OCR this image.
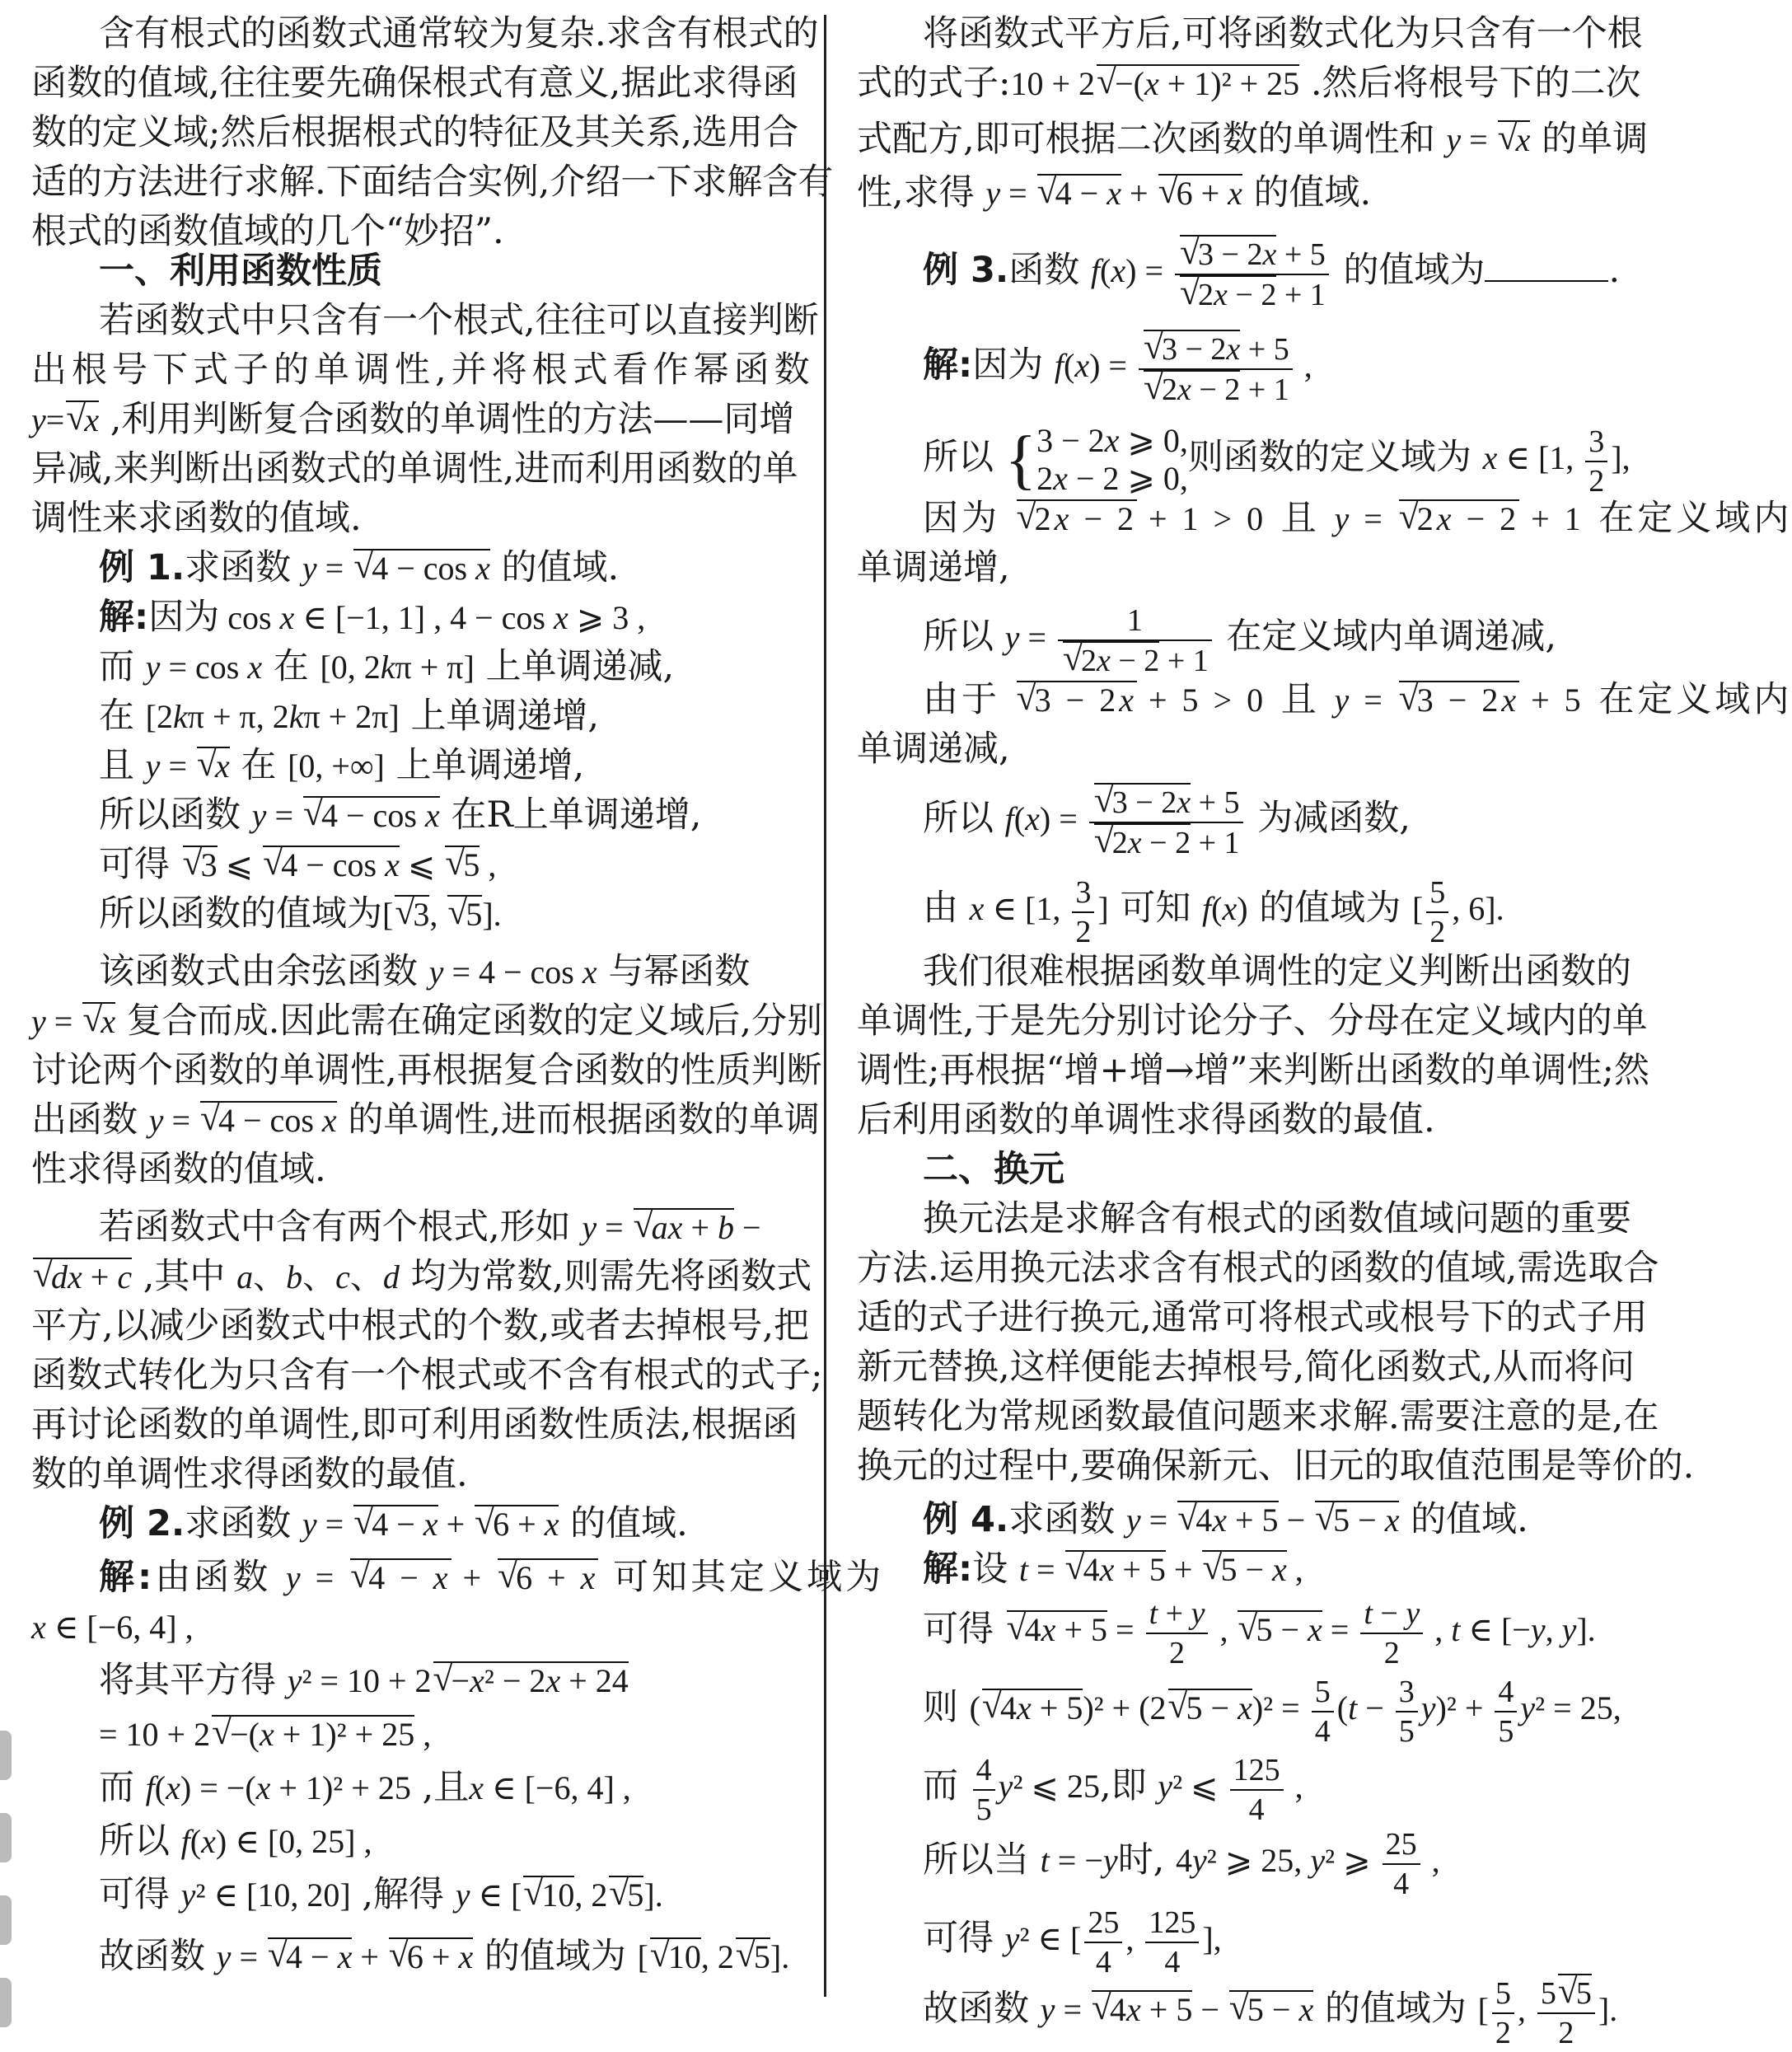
含有根式的函数式通常较为复杂.求含有根式的
函数的值域,往往要先确保根式有意义,据此求得函
数的定义域;然后根据根式的特征及其关系,选用合
适的方法进行求解.下面结合实例,介绍一下求解含有
根式的函数值域的几个“妙招”.
一、利用函数性质
若函数式中只含有一个根式,往往可以直接判断
出根号下式子的单调性,并将根式看作幂函数
y= √ x ,利用判断复合函数的单调性的方法——同增
异减,来判断出函数式的单调性,进而利用函数的单
调性来求函数的值域.
例 1.求函数 y = √ 4 − cos x 的值域.
解:因为 cos x ∈ [−1, 1] , 4 − cos x ⩾ 3 ,
而 y = cos x 在 [0, 2kπ + π] 上单调递减,
在 [2kπ + π, 2kπ + 2π] 上单调递增,
且 y = √ x 在 [0, +∞] 上单调递增,
所以函数 y = √ 4 − cos x 在R上单调递增,
可得 √ 3 ⩽ √ 4 − cos x ⩽ √ 5 ,
所以函数的值域为[ √ 3, √ 5].
该函数式由余弦函数 y = 4 − cos x 与幂函数
y = √ x 复合而成.因此需在确定函数的定义域后,分别
讨论两个函数的单调性,再根据复合函数的性质判断
出函数 y = √ 4 − cos x 的单调性,进而根据函数的单调
性求得函数的值域.
若函数式中含有两个根式,形如 y = √ ax + b −
√ dx + c ,其中 a、b、c、d 均为常数,则需先将函数式
平方,以减少函数式中根式的个数,或者去掉根号,把
函数式转化为只含有一个根式或不含有根式的式子;
再讨论函数的单调性,即可利用函数性质法,根据函
数的单调性求得函数的最值.
例 2.求函数 y = √ 4 − x + √ 6 + x 的值域.
解:由函数 y = √ 4 − x + √ 6 + x 可知其定义域为
x ∈ [−6, 4] ,
将其平方得 y² = 10 + 2 √ −x² − 2x + 24
= 10 + 2 √ −(x + 1)² + 25 ,
而 f(x) = −(x + 1)² + 25 ,且x ∈ [−6, 4] ,
所以 f(x) ∈ [0, 25] ,
可得 y² ∈ [10, 20] ,解得 y ∈ [ √ 10, 2 √ 5].
故函数 y = √ 4 − x + √ 6 + x 的值域为 [ √ 10, 2 √ 5].
将函数式平方后,可将函数式化为只含有一个根
式的式子:10 + 2 √ −(x + 1)² + 25 .然后将根号下的二次
式配方,即可根据二次函数的单调性和 y = √ x 的单调
性,求得 y = √ 4 − x + √ 6 + x 的值域.
例 3.函数 f(x) = √ 3 − 2x + 5
√ 2x − 2 + 1 的值域为	.
解:因为 f(x) = √ 3 − 2x + 5
√ 2x − 2 + 1 ,
所以 { 3 − 2x ⩾ 0,
2x − 2 ⩾ 0,
则函数的定义域为 x ∈ [1, $\frac{3}{2}$ ],
因为 √ 2x − 2 + 1 > 0 且 y = √ 2x − 2 + 1 在定义域内
单调递增,
所以 y = 1
√ 2x − 2 + 1 在定义域内单调递减,
由于 √ 3 − 2x + 5 > 0 且 y = √ 3 − 2x + 5 在定义域内
单调递减,
所以 f(x) = √ 3 − 2x + 5
√ 2x − 2 + 1 为减函数,
由 x ∈ [1, $\frac{3}{2}$ ] 可知 f(x) 的值域为 [ $\frac{5}{2}$ , 6].
我们很难根据函数单调性的定义判断出函数的
单调性,于是先分别讨论分子、分母在定义域内的单
调性;再根据“增+增→增”来判断出函数的单调性;然
后利用函数的单调性求得函数的最值.
二、换元
换元法是求解含有根式的函数值域问题的重要
方法.运用换元法求含有根式的函数的值域,需选取合
适的式子进行换元,通常可将根式或根号下的式子用
新元替换,这样便能去掉根号,简化函数式,从而将问
题转化为常规函数最值问题来求解.需要注意的是,在
换元的过程中,要确保新元、旧元的取值范围是等价的.
例 4.求函数 y = √ 4x + 5 − √ 5 − x 的值域.
解:设 t = √ 4x + 5 + √ 5 − x ,
可得 √ $4x + 5 = \frac{t + y}{2}$ , √ $5 - x = \frac{t - y}{2}$ , t ∈ [−y, y].
则 ( √ 4x + 5)² + (2 √ $5 - x)^2 = \frac{5}{4} (t - \frac{3}{5} y)^2 + \frac{4}{5} y^2 = 25$,
而 $\frac{4}{5} y^2$ ⩽ 25,即 y² ⩽ $\frac{125}{4}$ ,
所以当 t = −y时, 4y² ⩾ 25, y² ⩾ $\frac{25}{4}$ ,
可得 y² ∈ [ $\frac{25}{4}$ , $\frac{125}{4}$ ],
故函数 y = √ 4x + 5 − √ 5 − x 的值域为 [ $\frac{5}{2}$ , $\frac{5 √ 5}{2}$ ].
